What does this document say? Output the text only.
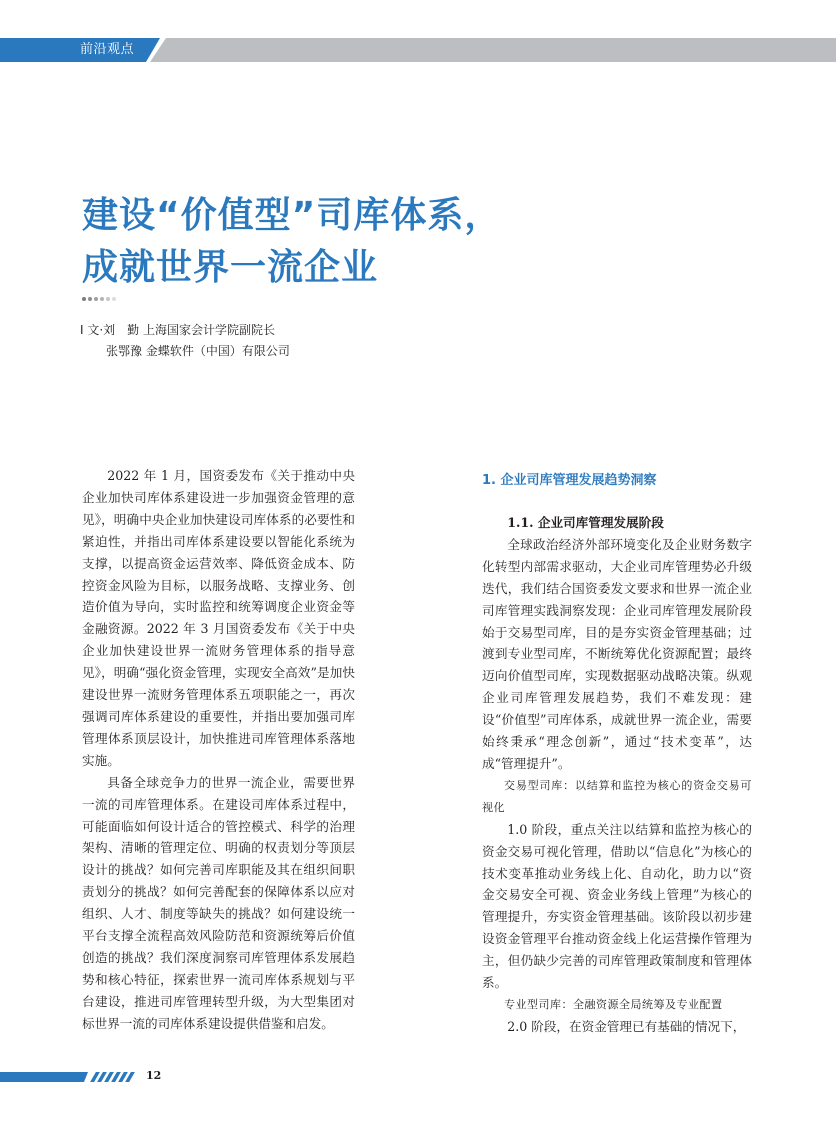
前沿观点
建设“价值型”司库体系，
成就世界一流企业
I 文·刘　勤 上海国家会计学院副院长
张鄂豫 金蝶软件（中国）有限公司

2022 年 1 月，国资委发布《关于推动中央企业加快司库体系建设进一步加强资金管理的意见》，明确中央企业加快建设司库体系的必要性和紧迫性，并指出司库体系建设要以智能化系统为支撑，以提高资金运营效率、降低资金成本、防控资金风险为目标，以服务战略、支撑业务、创造价值为导向，实时监控和统筹调度企业资金等金融资源。2022 年 3 月国资委发布《关于中央企业加快建设世界一流财务管理体系的指导意见》，明确“强化资金管理，实现安全高效”是加快建设世界一流财务管理体系五项职能之一，再次强调司库体系建设的重要性，并指出要加强司库管理体系顶层设计，加快推进司库管理体系落地实施。

具备全球竞争力的世界一流企业，需要世界一流的司库管理体系。在建设司库体系过程中，可能面临如何设计适合的管控模式、科学的治理架构、清晰的管理定位、明确的权责划分等顶层设计的挑战？如何完善司库职能及其在组织间职责划分的挑战？如何完善配套的保障体系以应对组织、人才、制度等缺失的挑战？如何建设统一平台支撑全流程高效风险防范和资源统筹后价值创造的挑战？我们深度洞察司库管理体系发展趋势和核心特征，探索世界一流司库体系规划与平台建设，推进司库管理转型升级，为大型集团对标世界一流的司库体系建设提供借鉴和启发。

1. 企业司库管理发展趋势洞察
1.1. 企业司库管理发展阶段

全球政治经济外部环境变化及企业财务数字化转型内部需求驱动，大企业司库管理势必升级迭代，我们结合国资委发文要求和世界一流企业司库管理实践洞察发现：企业司库管理发展阶段始于交易型司库，目的是夯实资金管理基础；过渡到专业型司库，不断统筹优化资源配置；最终迈向价值型司库，实现数据驱动战略决策。纵观企业司库管理发展趋势，我们不难发现：建设“价值型”司库体系，成就世界一流企业，需要始终秉承“理念创新”，通过“技术变革”，达成“管理提升”。

交易型司库：以结算和监控为核心的资金交易可视化

1.0 阶段，重点关注以结算和监控为核心的资金交易可视化管理，借助以“信息化”为核心的技术变革推动业务线上化、自动化，助力以“资金交易安全可视、资金业务线上管理”为核心的管理提升，夯实资金管理基础。该阶段以初步建设资金管理平台推动资金线上化运营操作管理为主，但仍缺少完善的司库管理政策制度和管理体系。

专业型司库：全融资源全局统筹及专业配置

2.0 阶段，在资金管理已有基础的情况下，

12
